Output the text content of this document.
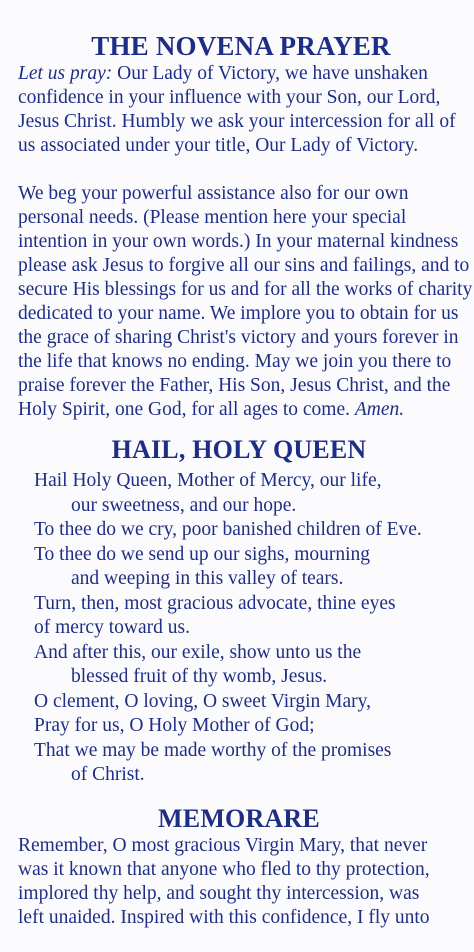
THE NOVENA PRAYER

Let us pray: Our Lady of Victory, we have unshaken
confidence in your influence with your Son, our Lord,
Jesus Christ. Humbly we ask your intercession for all of
us associated under your title, Our Lady of Victory.

We beg your powerful assistance also for our own
personal needs. (Please mention here your special
intention in your own words.) In your maternal kindness
please ask Jesus to forgive all our sins and failings, and to
secure His blessings for us and for all the works of charity
dedicated to your name. We implore you to obtain for us
the grace of sharing Christ's victory and yours forever in
the life that knows no ending. May we join you there to
praise forever the Father, His Son, Jesus Christ, and the
Holy Spirit, one God, for all ages to come. Amen.

HAIL, HOLY QUEEN
Hail Holy Queen, Mother of Mercy, our life,
our sweetness, and our hope.
To thee do we cry, poor banished children of Eve.
To thee do we send up our sighs, mourning
and weeping in this valley of tears.
Turn, then, most gracious advocate, thine eyes
of mercy toward us.
And after this, our exile, show unto us the
blessed fruit of thy womb, Jesus.
O clement, O loving, O sweet Virgin Mary,
Pray for us, O Holy Mother of God;
That we may be made worthy of the promises
of Christ.
MEMORARE

Remember, O most gracious Virgin Mary, that never
was it known that anyone who fled to thy protection,
implored thy help, and sought thy intercession, was
left unaided. Inspired with this confidence, I fly unto
